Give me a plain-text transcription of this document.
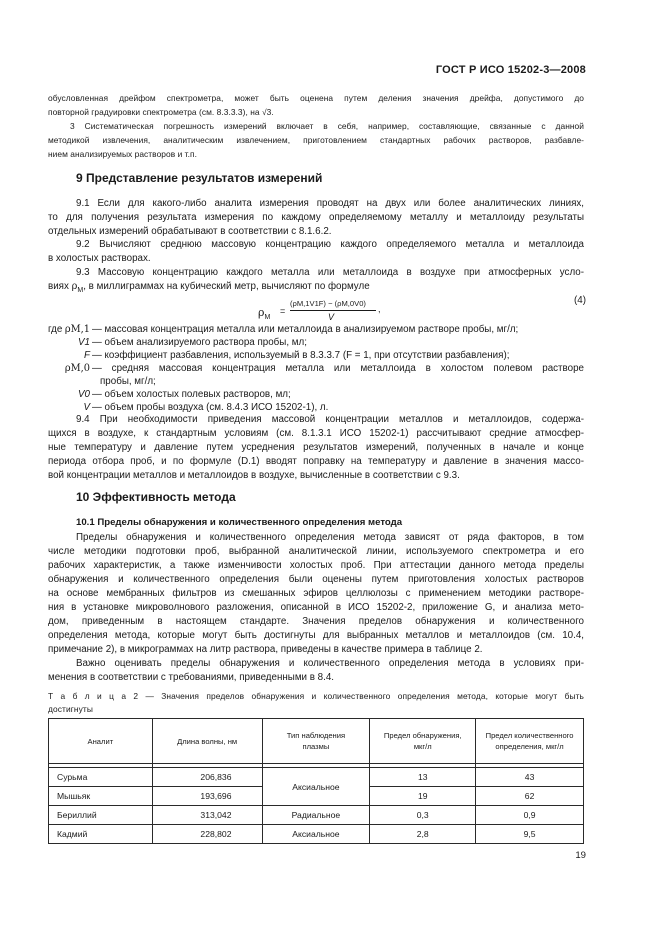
ГОСТ Р ИСО 15202-3—2008
обусловленная дрейфом спектрометра, может быть оценена путем деления значения дрейфа, допустимого до
повторной градуировки спектрометра (см. 8.3.3.3), на √3.
3 Систематическая погрешность измерений включает в себя, например, составляющие, связанные с данной
методикой извлечения, аналитическим извлечением, приготовлением стандартных рабочих растворов, разбавле-
нием анализируемых растворов и т.п.
9 Представление результатов измерений
9.1 Если для какого-либо аналита измерения проводят на двух или более аналитических линиях,
то для получения результата измерения по каждому определяемому металлу и металлоиду результаты
отдельных измерений обрабатывают в соответствии с 8.1.6.2.
9.2 Вычисляют среднюю массовую концентрацию каждого определяемого металла и металлоида
в холостых растворах.
9.3 Массовую концентрацию каждого металла или металлоида в воздухе при атмосферных усло-
виях $\rho_M$, в миллиграммах на кубический метр, вычисляют по формуле
$\rho_M$
=
(ρM,1V1F) − (ρM,0V0)
V
,
(4)
где ρM,1 — массовая концентрация металла или металлоида в анализируемом растворе пробы, мг/л;
V1 — объем анализируемого раствора пробы, мл;
F — коэффициент разбавления, используемый в 8.3.3.7 (F = 1, при отсутствии разбавления);
ρM,0 — средняя массовая концентрация металла или металлоида в холостом полевом растворе
пробы, мг/л;
V0 — объем холостых полевых растворов, мл;
V — объем пробы воздуха (см. 8.4.3 ИСО 15202-1), л.
9.4 При необходимости приведения массовой концентрации металлов и металлоидов, содержа-
щихся в воздухе, к стандартным условиям (см. 8.1.3.1 ИСО 15202-1) рассчитывают средние атмосфер-
ные температуру и давление путем усреднения результатов измерений, полученных в начале и конце
периода отбора проб, и по формуле (D.1) вводят поправку на температуру и давление в значения массо-
вой концентрации металлов и металлоидов в воздухе, вычисленные в соответствии с 9.3.
10 Эффективность метода
10.1 Пределы обнаружения и количественного определения метода
Пределы обнаружения и количественного определения метода зависят от ряда факторов, в том
числе методики подготовки проб, выбранной аналитической линии, используемого спектрометра и его
рабочих характеристик, а также изменчивости холостых проб. При аттестации данного метода пределы
обнаружения и количественного определения были оценены путем приготовления холостых растворов
на основе мембранных фильтров из смешанных эфиров целлюлозы с применением методики растворе-
ния в установке микроволнового разложения, описанной в ИСО 15202-2, приложение G, и анализа мето-
дом, приведенным в настоящем стандарте. Значения пределов обнаружения и количественного
определения метода, которые могут быть достигнуты для выбранных металлов и металлоидов (см. 10.4,
примечание 2), в микрограммах на литр раствора, приведены в качестве примера в таблице 2.
Важно оценивать пределы обнаружения и количественного определения метода в условиях при-
менения в соответствии с требованиями, приведенными в 8.4.
Т а б л и ц а 2 — Значения пределов обнаружения и количественного определения метода, которые могут быть
достигнуты
Аналит	Длина волны, нм	Тип наблюдения плазмы	Предел обнаружения, мкг/л	Предел количественного определения, мкг/л

Сурьма	206,836	Аксиальное	13	43
Мышьяк	193,696		19	62
Бериллий	313,042	Радиальное	0,3	0,9
Кадмий	228,802	Аксиальное	2,8	9,5
19
